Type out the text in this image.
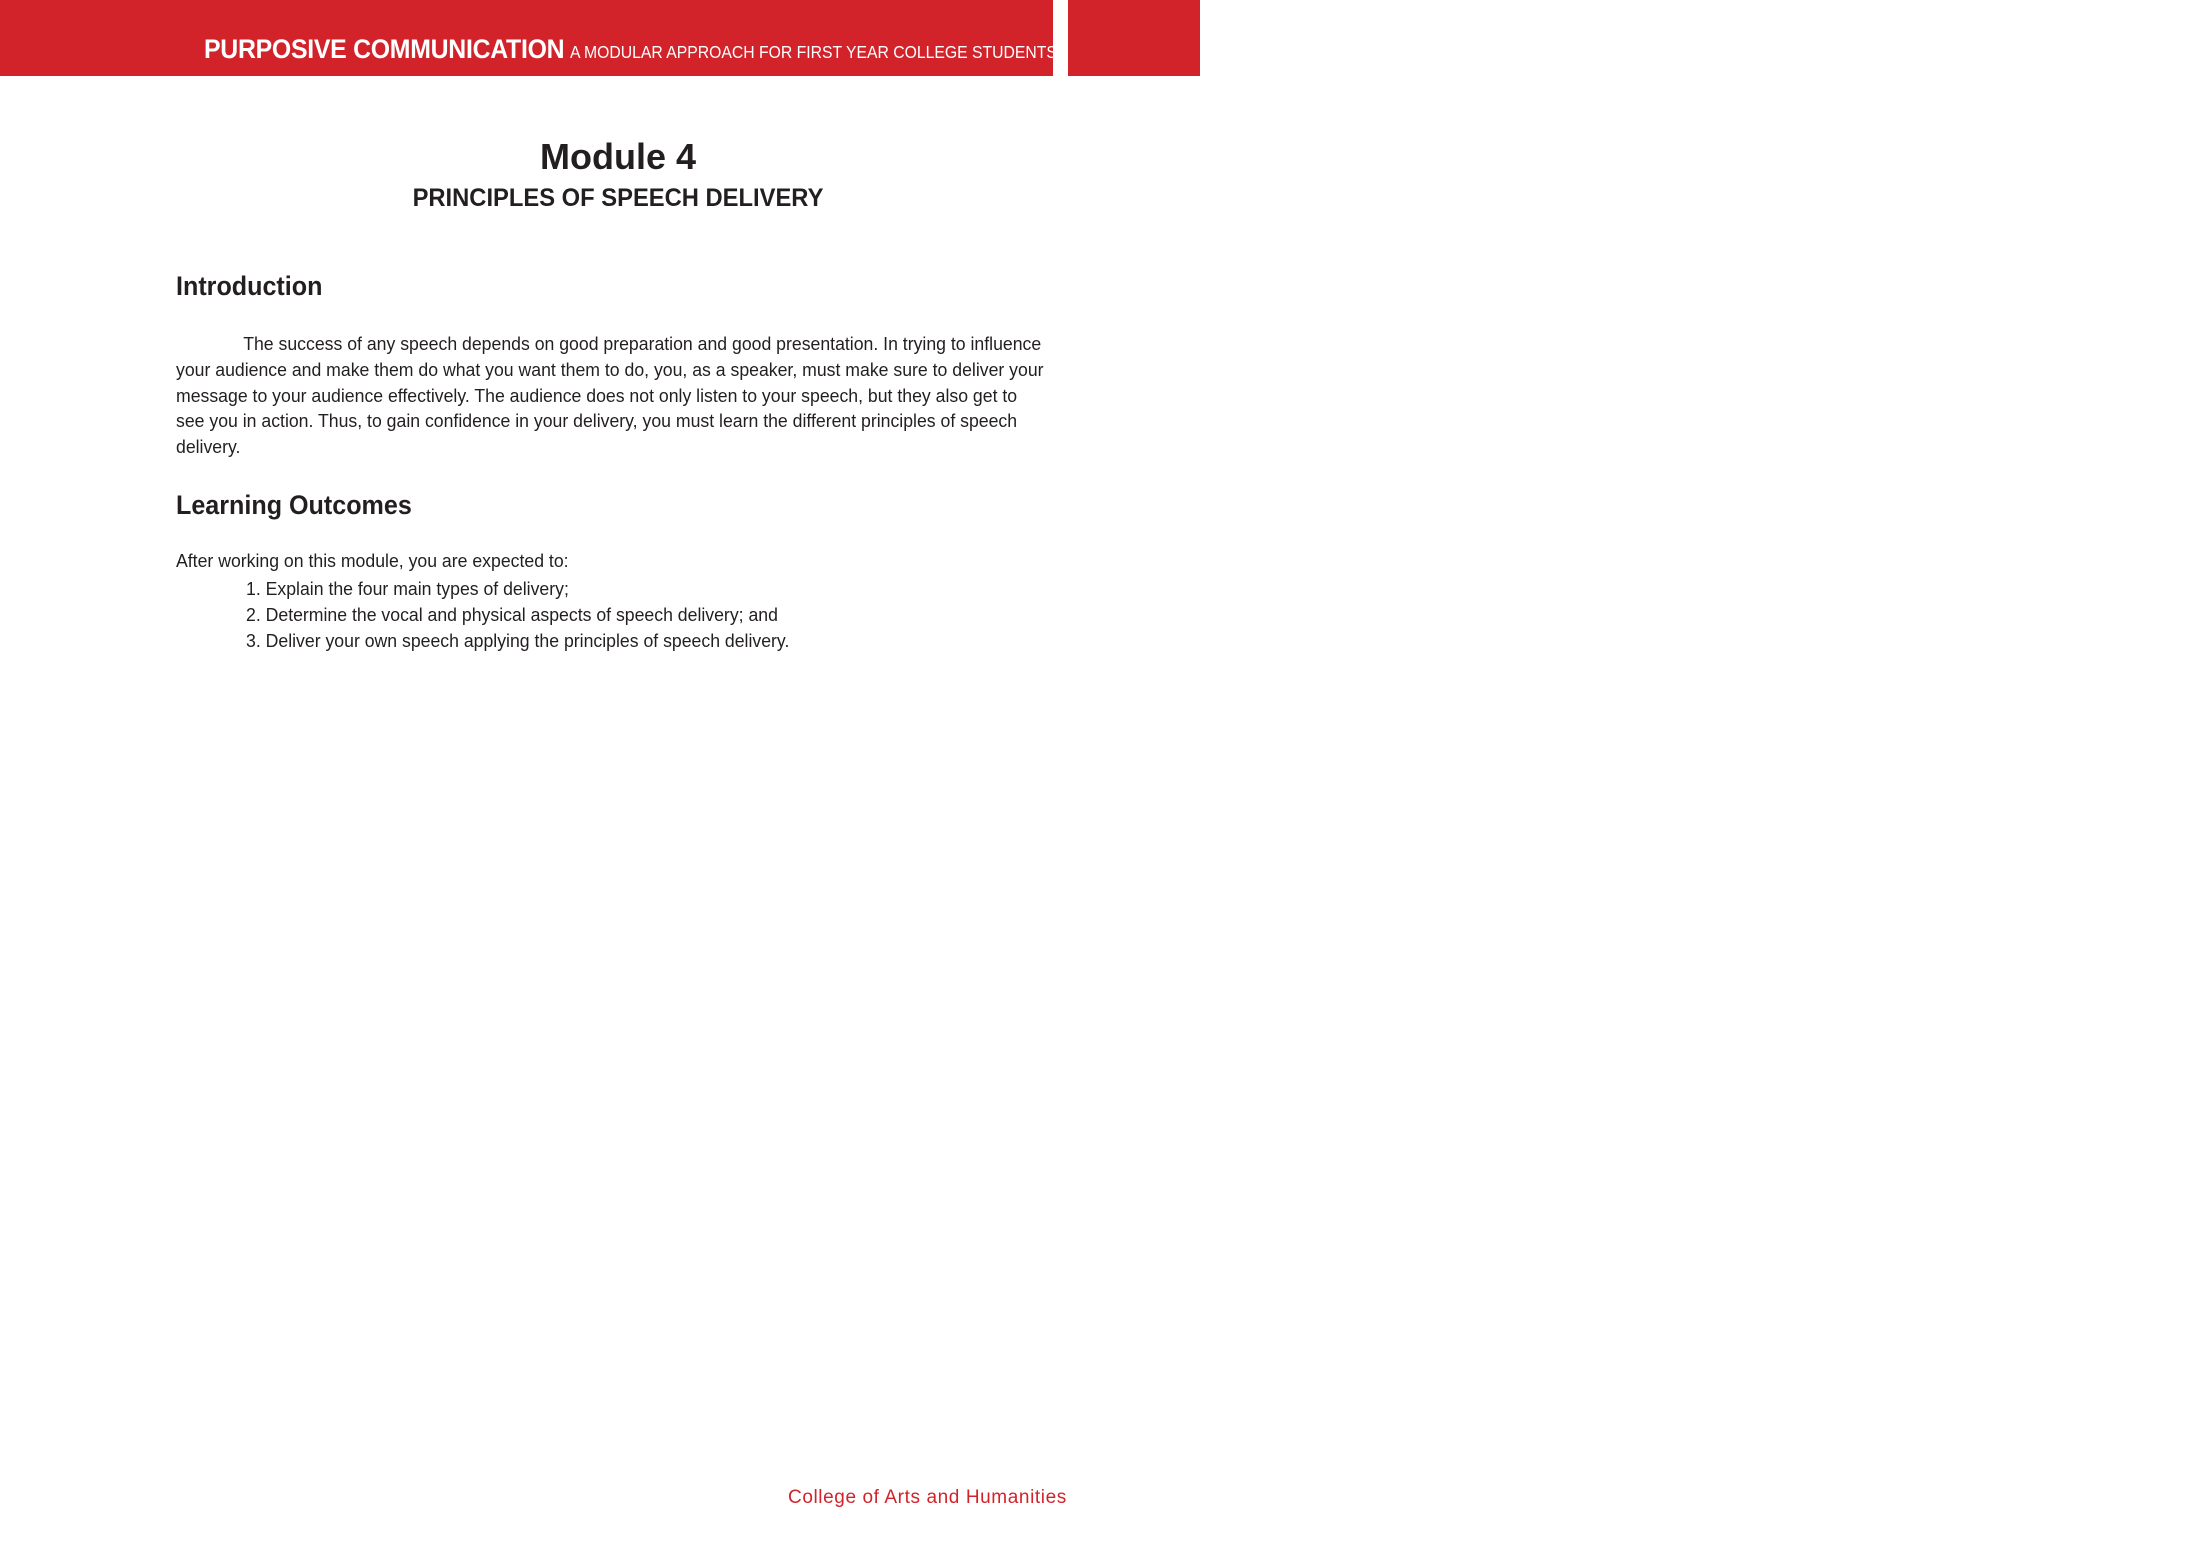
PURPOSIVE COMMUNICATION A MODULAR APPROACH FOR FIRST YEAR COLLEGE STUDENTS	67
Module 4
PRINCIPLES OF SPEECH DELIVERY
Introduction

The success of any speech depends on good preparation and good presentation. In trying to influence your audience and make them do what you want them to do, you, as a speaker, must make sure to deliver your message to your audience effectively. The audience does not only listen to your speech, but they also get to see you in action. Thus, to gain confidence in your delivery, you must learn the different principles of speech delivery.

Learning Outcomes
After working on this module, you are expected to:
1. Explain the four main types of delivery;
2. Determine the vocal and physical aspects of speech delivery; and
3. Deliver your own speech applying the principles of speech delivery.
College of Arts and Humanities
